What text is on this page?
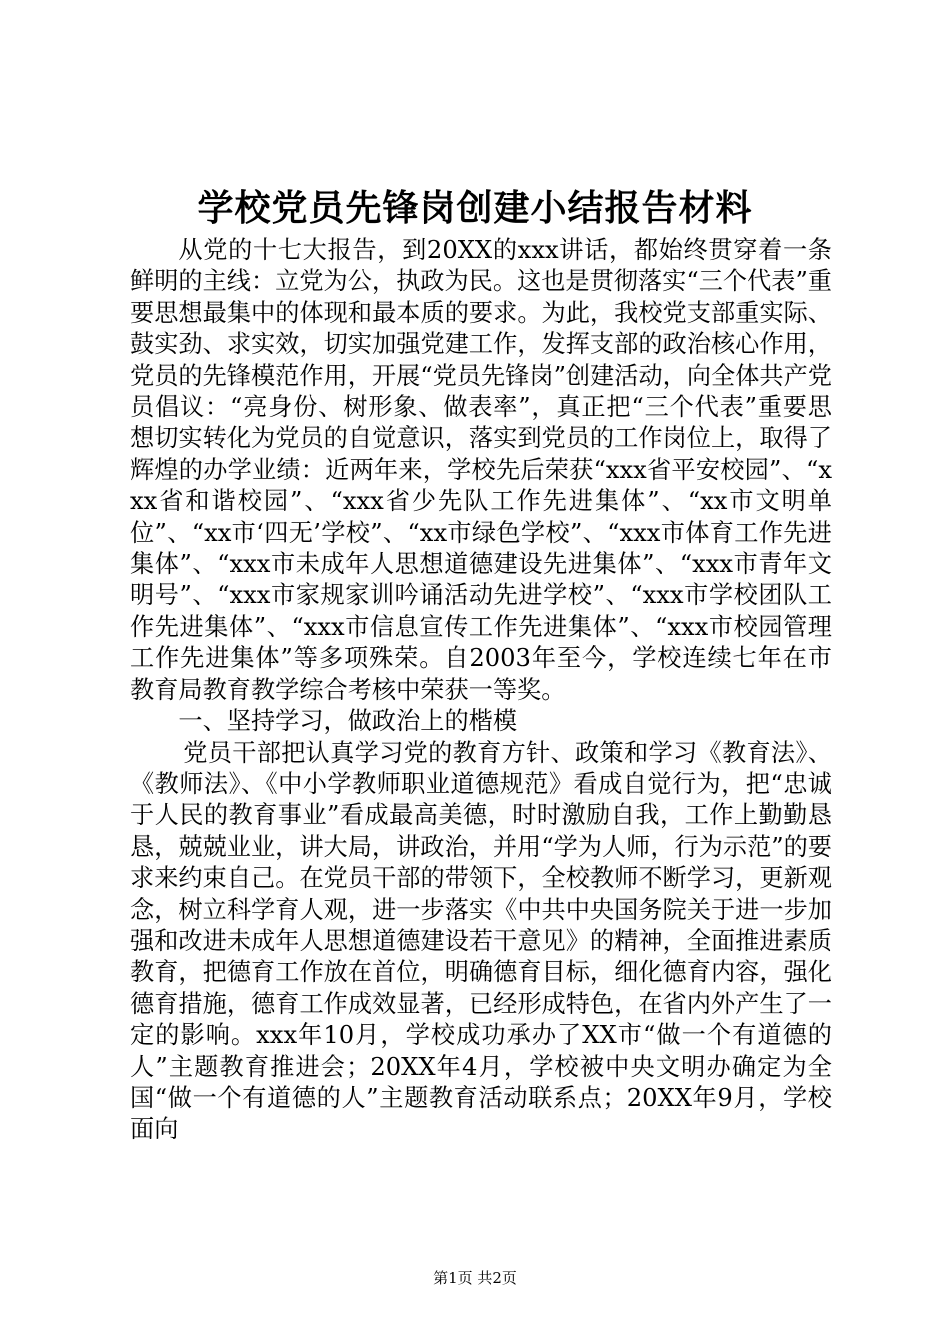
学校党员先锋岗创建小结报告材料

从党的十七大报告，到20XX的xxx讲话，都始终贯穿着一条鲜明的主线：立党为公，执政为民。这也是贯彻落实“三个代表”重要思想最集中的体现和最本质的要求。为此，我校党支部重实际、鼓实劲、求实效，切实加强党建工作，发挥支部的政治核心作用，党员的先锋模范作用，开展“党员先锋岗”创建活动，向全体共产党员倡议：“亮身份、树形象、做表率”，真正把“三个代表”重要思想切实转化为党员的自觉意识，落实到党员的工作岗位上，取得了辉煌的办学业绩：近两年来，学校先后荣获“xxx省平安校园”、“xxx省和谐校园”、“xxx省少先队工作先进集体”、“xx市文明单位”、“xx市‘四无’学校”、“xx市绿色学校”、“xxx市体育工作先进集体”、“xxx市未成年人思想道德建设先进集体”、“xxx市青年文明号”、“xxx市家规家训吟诵活动先进学校”、“xxx市学校团队工作先进集体”、“xxx市信息宣传工作先进集体”、“xxx市校园管理工作先进集体”等多项殊荣。自2003年至今，学校连续七年在市教育局教育教学综合考核中荣获一等奖。

一、坚持学习，做政治上的楷模

党员干部把认真学习党的教育方针、政策和学习《教育法》、《教师法》、《中小学教师职业道德规范》看成自觉行为，把“忠诚于人民的教育事业”看成最高美德，时时激励自我，工作上勤勤恳恳，兢兢业业，讲大局，讲政治，并用“学为人师，行为示范”的要求来约束自己。在党员干部的带领下，全校教师不断学习，更新观念，树立科学育人观，进一步落实《中共中央国务院关于进一步加强和改进未成年人思想道德建设若干意见》的精神，全面推进素质教育，把德育工作放在首位，明确德育目标，细化德育内容，强化德育措施，德育工作成效显著，已经形成特色，在省内外产生了一定的影响。xxx年10月，学校成功承办了XX市“做一个有道德的人”主题教育推进会；20XX年4月，学校被中央文明办确定为全国“做一个有道德的人”主题教育活动联系点；20XX年9月，学校面向

第1页 共2页
